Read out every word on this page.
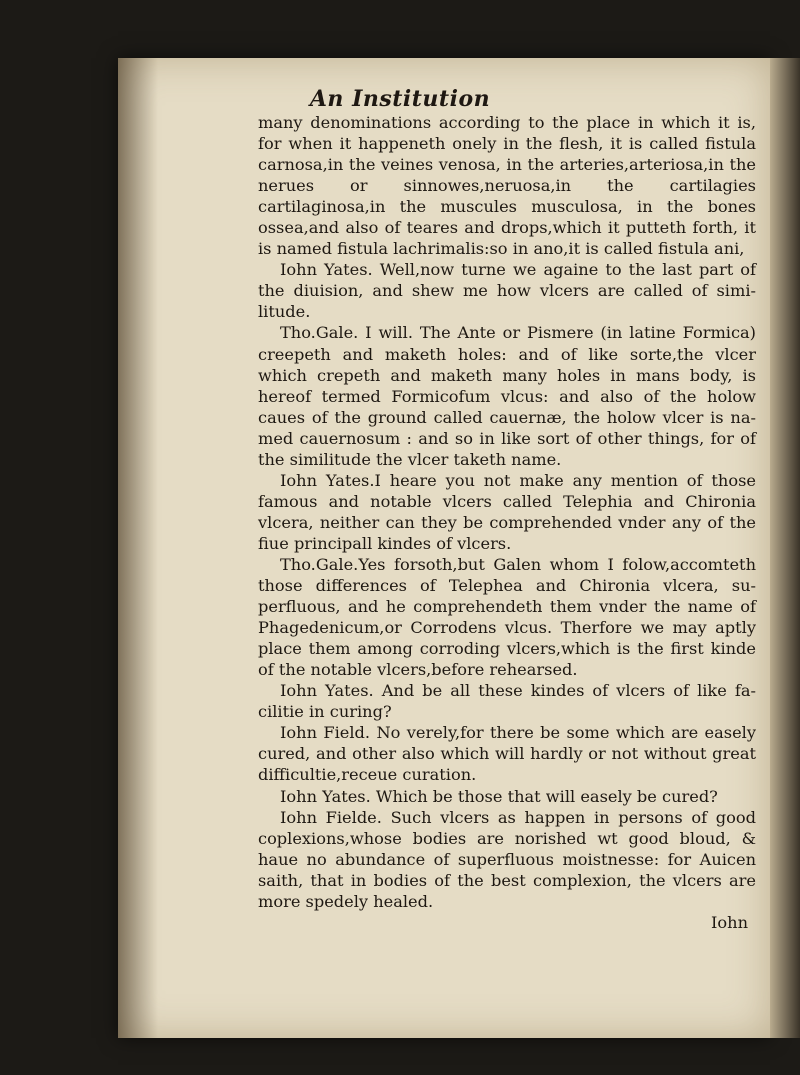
An Institution

many denominations according to the place in which it is, for when it happeneth onely in the flesh, it is called fistula carnosa,in the veines venosa, in the arteries,arteriosa,in the nerues or sinnowes,neruosa,in the cartilagies cartilaginosa,in the muscules musculosa, in the bones ossea,and also of teares and drops,which it putteth forth, it is named fistula lachrimalis:so in ano,it is called fistula ani,

Iohn Yates. Well,now turne we againe to the last part of the diuision, and shew me how vlcers are called of similitude.

Tho.Gale. I will. The Ante or Pismere (in latine Formica) creepeth and maketh holes: and of like sorte,the vlcer which crepeth and maketh many holes in mans body, is hereof termed Formicofum vlcus: and also of the holow caues of the ground called cauernæ, the holow vlcer is named cauernosum : and so in like sort of other things, for of the similitude the vlcer taketh name.

Iohn Yates.I heare you not make any mention of those famous and notable vlcers called Telephia and Chironia vlcera, neither can they be comprehended vnder any of the fiue principall kindes of vlcers.

Tho.Gale.Yes forsoth,but Galen whom I folow,accomteth those differences of Telephea and Chironia vlcera, superfluous, and he comprehendeth them vnder the name of Phagedenicum,or Corrodens vlcus. Therfore we may aptly place them among corroding vlcers,which is the first kinde of the notable vlcers,before rehearsed.

Iohn Yates. And be all these kindes of vlcers of like facilitie in curing?

Iohn Field. No verely,for there be some which are easely cured, and other also which will hardly or not without great difficultie,receue curation.

Iohn Yates. Which be those that will easely be cured?

Iohn Fielde. Such vlcers as happen in persons of good coplexions,whose bodies are norished wt good bloud, & haue no abundance of superfluous moistnesse: for Auicen saith, that in bodies of the best complexion, the vlcers are more spedely healed.

Iohn
